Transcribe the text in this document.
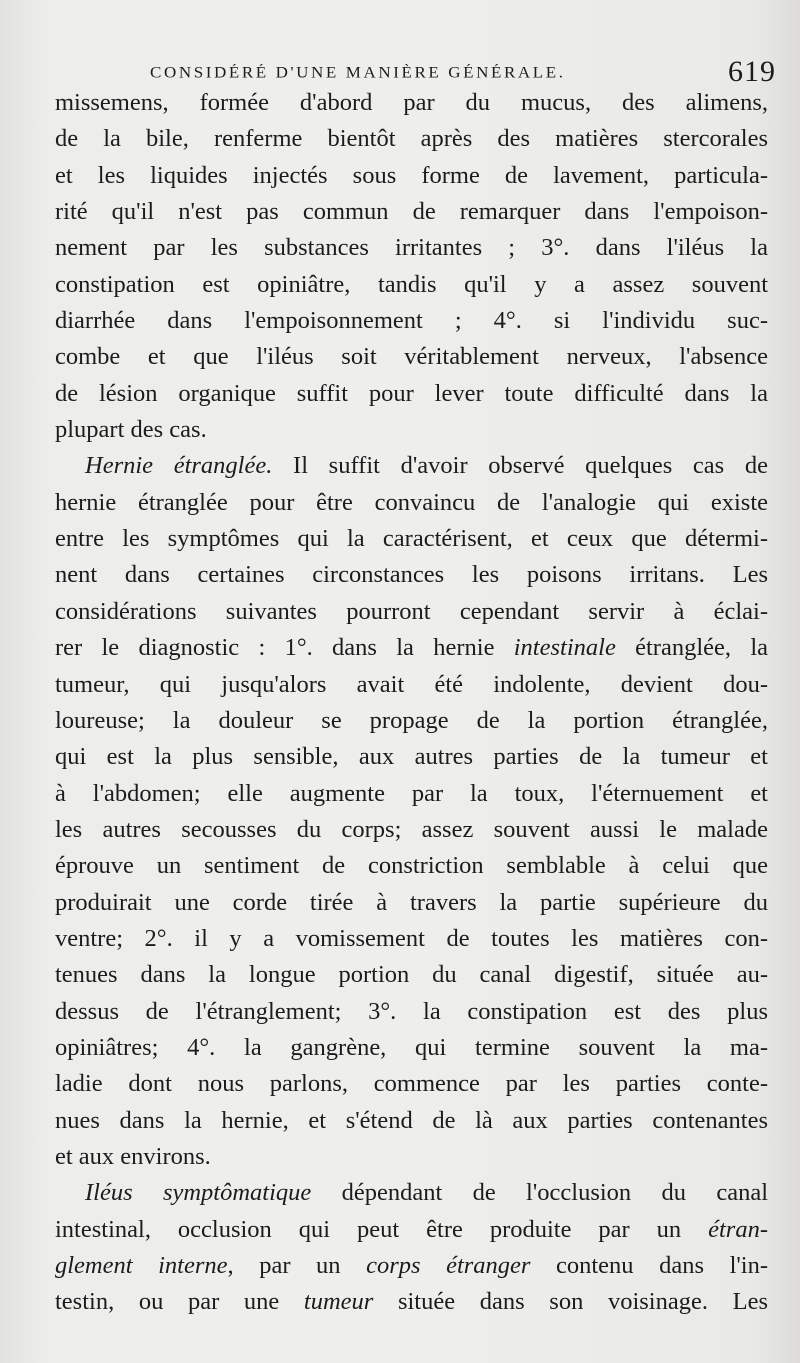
CONSIDÉRÉ D'UNE MANIÈRE GÉNÉRALE.	619
missemens, formée d'abord par du mucus, des alimens,
de la bile, renferme bientôt après des matières stercorales
et les liquides injectés sous forme de lavement, particula-
rité qu'il n'est pas commun de remarquer dans l'empoison-
nement par les substances irritantes ; 3°. dans l'iléus la
constipation est opiniâtre, tandis qu'il y a assez souvent
diarrhée dans l'empoisonnement ; 4°. si l'individu suc-
combe et que l'iléus soit véritablement nerveux, l'absence
de lésion organique suffit pour lever toute difficulté dans la
plupart des cas.
Hernie étranglée. Il suffit d'avoir observé quelques cas de
hernie étranglée pour être convaincu de l'analogie qui existe
entre les symptômes qui la caractérisent, et ceux que détermi-
nent dans certaines circonstances les poisons irritans. Les
considérations suivantes pourront cependant servir à éclai-
rer le diagnostic : 1°. dans la hernie intestinale étranglée, la
tumeur, qui jusqu'alors avait été indolente, devient dou-
loureuse; la douleur se propage de la portion étranglée,
qui est la plus sensible, aux autres parties de la tumeur et
à l'abdomen; elle augmente par la toux, l'éternuement et
les autres secousses du corps; assez souvent aussi le malade
éprouve un sentiment de constriction semblable à celui que
produirait une corde tirée à travers la partie supérieure du
ventre; 2°. il y a vomissement de toutes les matières con-
tenues dans la longue portion du canal digestif, située au-
dessus de l'étranglement; 3°. la constipation est des plus
opiniâtres; 4°. la gangrène, qui termine souvent la ma-
ladie dont nous parlons, commence par les parties conte-
nues dans la hernie, et s'étend de là aux parties contenantes
et aux environs.
Iléus symptômatique dépendant de l'occlusion du canal
intestinal, occlusion qui peut être produite par un étran-
glement interne, par un corps étranger contenu dans l'in-
testin, ou par une tumeur située dans son voisinage. Les
